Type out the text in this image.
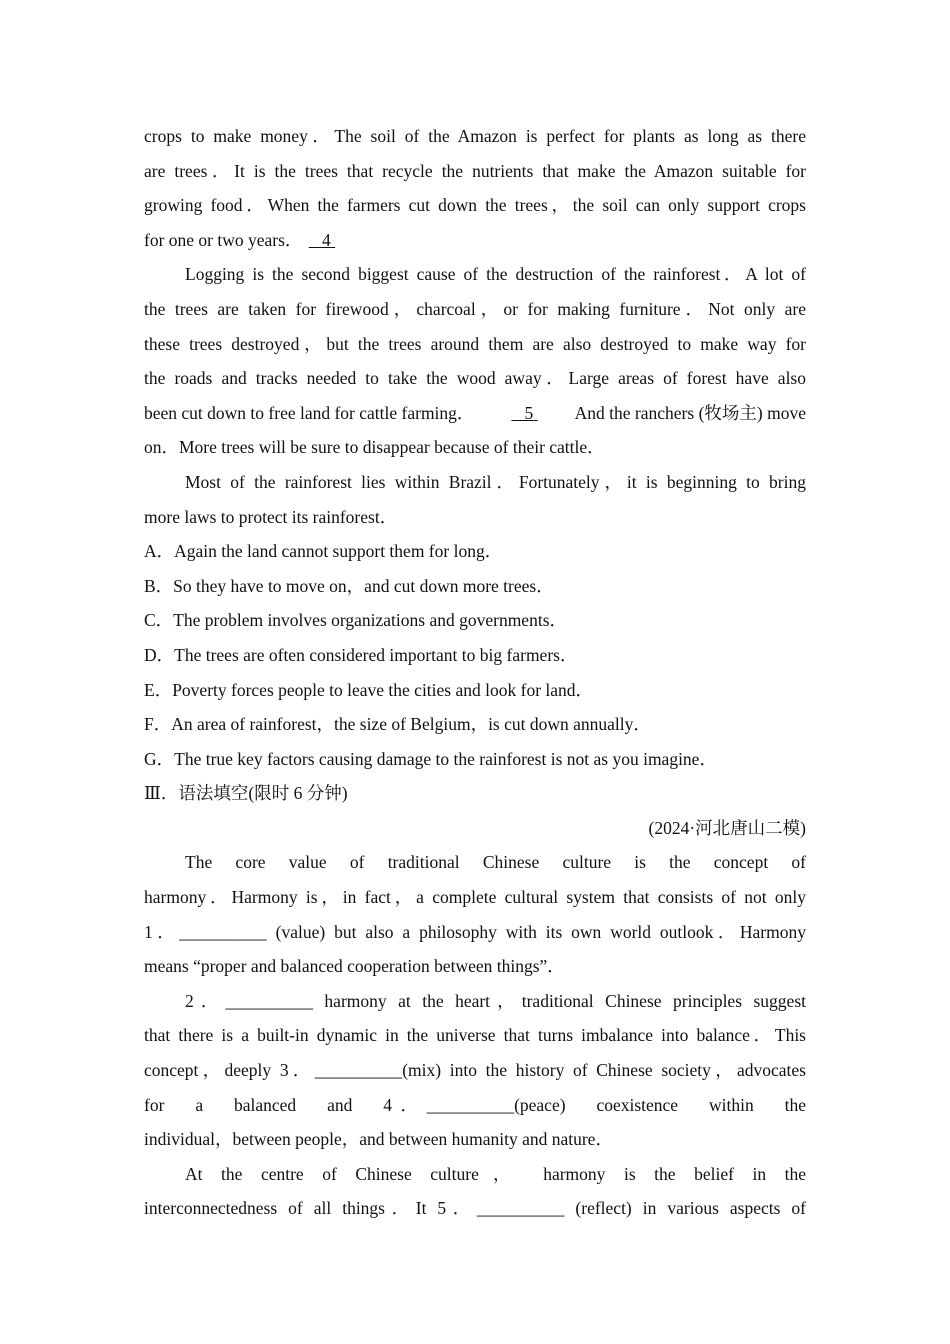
crops to make money．The soil of the Amazon is perfect for plants as long as there
are trees．It is the trees that recycle the nutrients that make the Amazon suitable for
growing food．When the farmers cut down the trees，the soil can only support crops
for one or two years． 4
Logging is the second biggest cause of the destruction of the rainforest．A lot of
the trees are taken for firewood，charcoal，or for making furniture．Not only are
these trees destroyed，but the trees around them are also destroyed to make way for
the roads and tracks needed to take the wood away．Large areas of forest have also
been cut down to free land for cattle farming．	5	And the ranchers (牧场主) move
on．More trees will be sure to disappear because of their cattle．
Most of the rainforest lies within Brazil．Fortunately，it is beginning to bring
more laws to protect its rainforest．
A．Again the land cannot support them for long．
B．So they have to move on，and cut down more trees．
C．The problem involves organizations and governments．
D．The trees are often considered important to big farmers．
E．Poverty forces people to leave the cities and look for land．
F．An area of rainforest，the size of Belgium，is cut down annually．
G．The true key factors causing damage to the rainforest is not as you imagine．
Ⅲ．语法填空(限时 6 分钟)
(2024·河北唐山二模)
The core value of traditional Chinese culture is the concept of
harmony．Harmony is，in fact，a complete cultural system that consists of not only
1．__________ (value) but also a philosophy with its own world outlook．Harmony
means “proper and balanced cooperation between things”．
2．__________ harmony at the heart，traditional Chinese principles suggest
that there is a built-in dynamic in the universe that turns imbalance into balance．This
concept，deeply 3．__________(mix) into the history of Chinese society，advocates
for a balanced and 4．__________(peace) coexistence within the
individual，between people，and between humanity and nature．
At the centre of Chinese culture， harmony is the belief in the
interconnectedness of all things．It 5．__________ (reflect) in various aspects of
